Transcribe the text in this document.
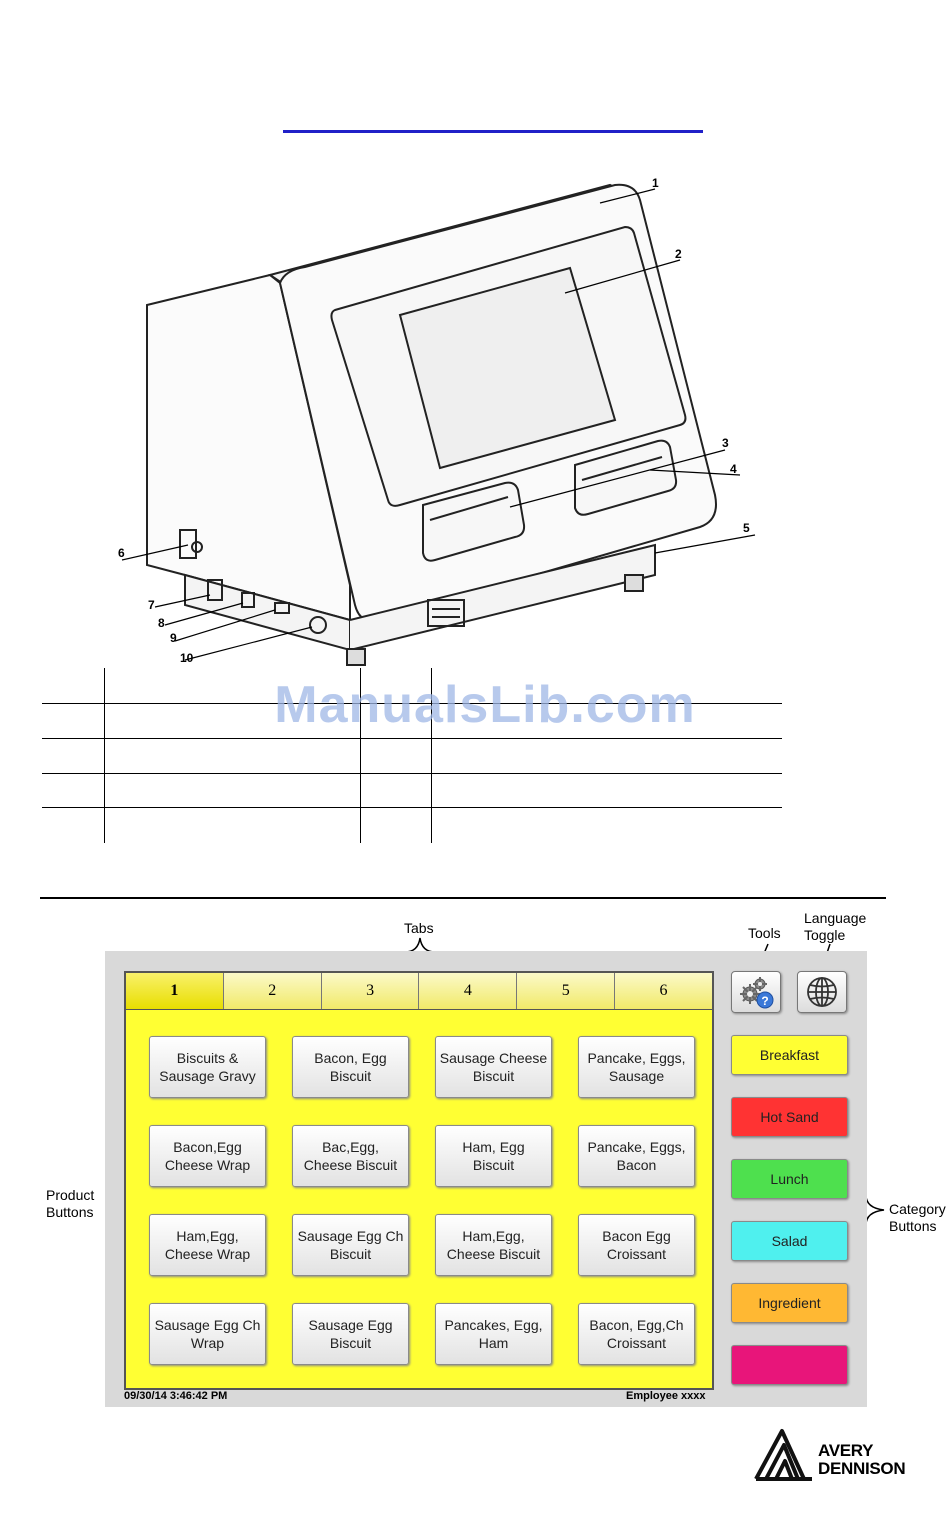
1
2
3
4
5
6
7
8
9
10
ManualsLib.com
Tabs	Tools
Language
Toggle
Product
Buttons	Category
Buttons
1	2	3	4	5	6
Biscuits &
Sausage Gravy
Bacon, Egg
Biscuit
Sausage Cheese
Biscuit
Pancake, Eggs,
Sausage
Bacon,Egg
Cheese Wrap
Bac,Egg,
Cheese Biscuit
Ham, Egg
Biscuit
Pancake, Eggs,
Bacon
Ham,Egg,
Cheese Wrap
Sausage Egg Ch
Biscuit
Ham,Egg,
Cheese Biscuit
Bacon Egg
Croissant
Sausage Egg Ch
Wrap
Sausage Egg
Biscuit
Pancakes, Egg,
Ham
Bacon, Egg,Ch
Croissant
?
Breakfast
Hot Sand
Lunch
Salad
Ingredient
09/30/14 3:46:42 PM	Employee xxxx
AVERY
DENNISON
